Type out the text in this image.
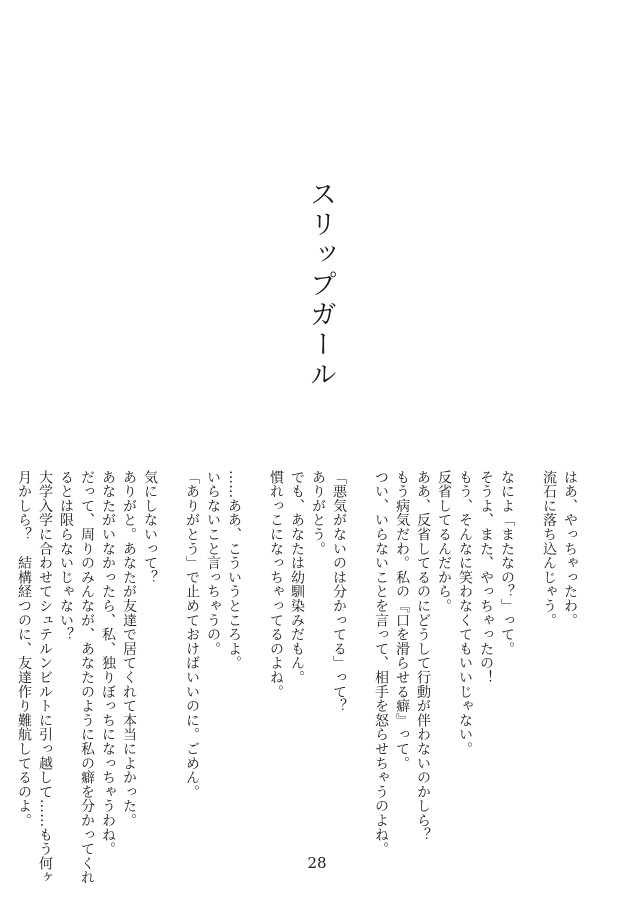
スリップガール
はあ、やっちゃったわ。
流石に落ち込んじゃう。
なによ「またなの？」って。
そうよ、また、やっちゃったの！
もう、そんなに笑わなくてもいいじゃない。
反省してるんだから。
ああ、反省してるのにどうして行動が伴わないのかしら？
もう病気だわ。私の『口を滑らせる癖』って。
つい、いらないことを言って、相手を怒らせちゃうのよね。
「悪気がないのは分かってる」って？
ありがとう。
でも、あなたは幼馴染みだもん。
慣れっこになっちゃってるのよね。
……ああ、こういうところよ。
いらないこと言っちゃうの。
「ありがとう」で止めておけばいいのに。ごめん。
気にしないって？
ありがと。あなたが友達で居てくれて本当によかった。
あなたがいなかったら、私、独りぼっちになっちゃうわね。
だって、周りのみんなが、あなたのように私の癖を分かってくれ
るとは限らないじゃない？
大学入学に合わせてシュテルンビルトに引っ越して……もう何ヶ
月かしら？　結構経つのに、友達作り難航してるのよ。
28
